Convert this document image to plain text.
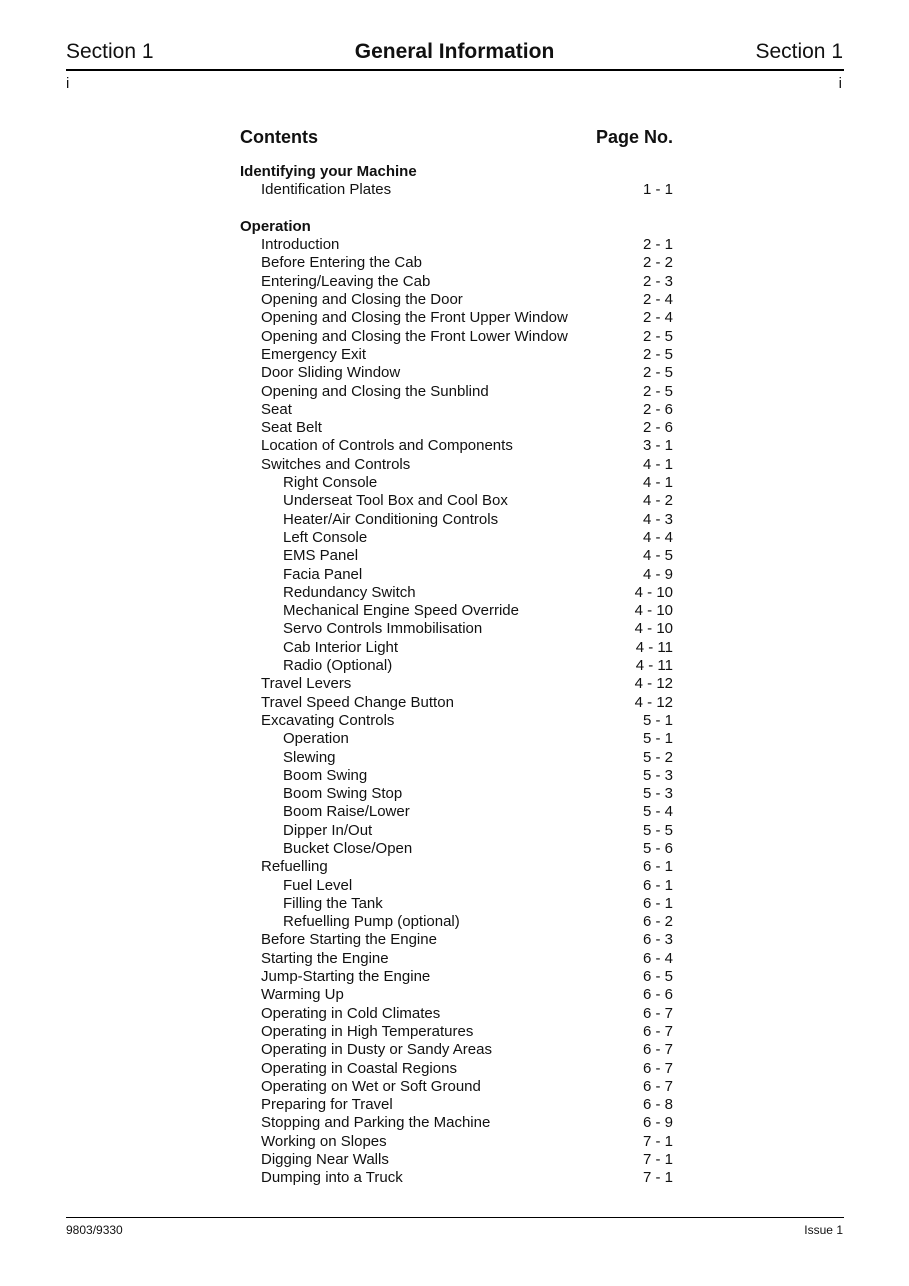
Section 1	General Information	Section 1
i	i
Contents	Page No.
Identifying your Machine
Identification Plates	1 - 1
Operation
Introduction	2 - 1
Before Entering the Cab	2 - 2
Entering/Leaving the Cab	2 - 3
Opening and Closing the Door	2 - 4
Opening and Closing the Front Upper Window	2 - 4
Opening and Closing the Front Lower Window	2 - 5
Emergency Exit	2 - 5
Door Sliding Window	2 - 5
Opening and Closing the Sunblind	2 - 5
Seat	2 - 6
Seat Belt	2 - 6
Location of Controls and Components	3 - 1
Switches and Controls	4 - 1
Right Console	4 - 1
Underseat Tool Box and Cool Box	4 - 2
Heater/Air Conditioning Controls	4 - 3
Left Console	4 - 4
EMS Panel	4 - 5
Facia Panel	4 - 9
Redundancy Switch	4 - 10
Mechanical Engine Speed Override	4 - 10
Servo Controls Immobilisation	4 - 10
Cab Interior Light	4 - 11
Radio (Optional)	4 - 11
Travel Levers	4 - 12
Travel Speed Change Button	4 - 12
Excavating Controls	5 - 1
Operation	5 - 1
Slewing	5 - 2
Boom Swing	5 - 3
Boom Swing Stop	5 - 3
Boom Raise/Lower	5 - 4
Dipper In/Out	5 - 5
Bucket Close/Open	5 - 6
Refuelling	6 - 1
Fuel Level	6 - 1
Filling the Tank	6 - 1
Refuelling Pump (optional)	6 - 2
Before Starting the Engine	6 - 3
Starting the Engine	6 - 4
Jump-Starting the Engine	6 - 5
Warming Up	6 - 6
Operating in Cold Climates	6 - 7
Operating in High Temperatures	6 - 7
Operating in Dusty or Sandy Areas	6 - 7
Operating in Coastal Regions	6 - 7
Operating on Wet or Soft Ground	6 - 7
Preparing for Travel	6 - 8
Stopping and Parking the Machine	6 - 9
Working on Slopes	7 - 1
Digging Near Walls	7 - 1
Dumping into a Truck	7 - 1
9803/9330	Issue 1
